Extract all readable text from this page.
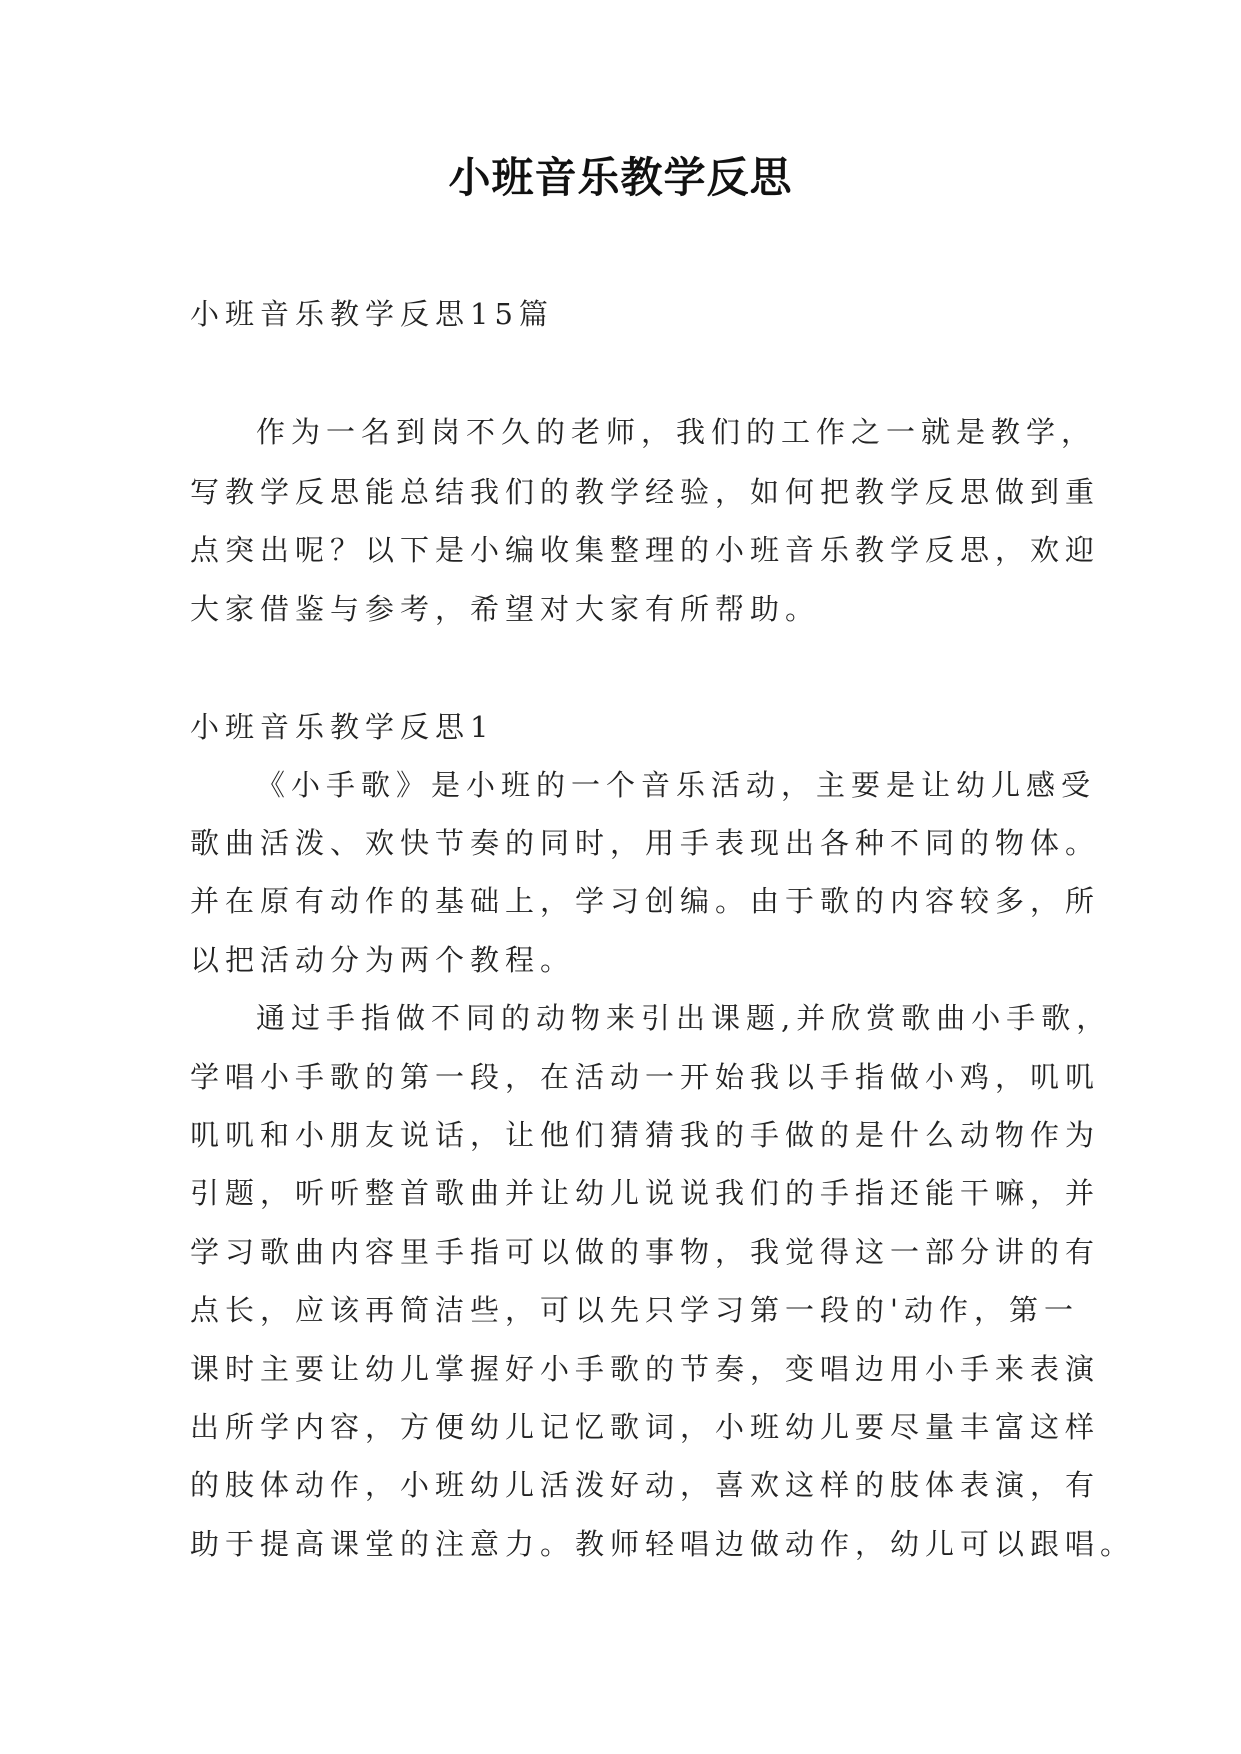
小班音乐教学反思

小班音乐教学反思15篇

作为一名到岗不久的老师，我们的工作之一就是教学，

写教学反思能总结我们的教学经验，如何把教学反思做到重

点突出呢？以下是小编收集整理的小班音乐教学反思，欢迎

大家借鉴与参考，希望对大家有所帮助。

小班音乐教学反思1

《小手歌》是小班的一个音乐活动，主要是让幼儿感受

歌曲活泼、欢快节奏的同时，用手表现出各种不同的物体。

并在原有动作的基础上，学习创编。由于歌的内容较多，所

以把活动分为两个教程。

通过手指做不同的动物来引出课题,并欣赏歌曲小手歌，

学唱小手歌的第一段，在活动一开始我以手指做小鸡，叽叽

叽叽和小朋友说话，让他们猜猜我的手做的是什么动物作为

引题，听听整首歌曲并让幼儿说说我们的手指还能干嘛，并

学习歌曲内容里手指可以做的事物，我觉得这一部分讲的有

点长，应该再简洁些，可以先只学习第一段的'动作，第一

课时主要让幼儿掌握好小手歌的节奏，变唱边用小手来表演

出所学内容，方便幼儿记忆歌词，小班幼儿要尽量丰富这样

的肢体动作，小班幼儿活泼好动，喜欢这样的肢体表演，有

助于提高课堂的注意力。教师轻唱边做动作，幼儿可以跟唱。
